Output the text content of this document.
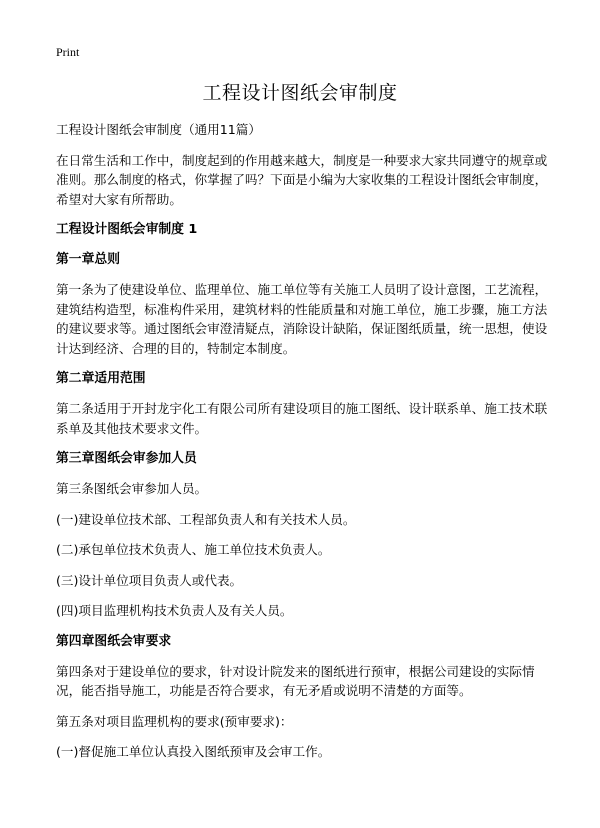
Print
工程设计图纸会审制度

工程设计图纸会审制度（通用11篇）

在日常生活和工作中，制度起到的作用越来越大，制度是一种要求大家共同遵守的规章或准则。那么制度的格式，你掌握了吗？下面是小编为大家收集的工程设计图纸会审制度，希望对大家有所帮助。

工程设计图纸会审制度 1
第一章总则

第一条为了使建设单位、监理单位、施工单位等有关施工人员明了设计意图，工艺流程，建筑结构造型，标准构件采用，建筑材料的性能质量和对施工单位，施工步骤，施工方法的建议要求等。通过图纸会审澄清疑点，消除设计缺陷，保证图纸质量，统一思想，使设计达到经济、合理的目的，特制定本制度。

第二章适用范围

第二条适用于开封龙宇化工有限公司所有建设项目的施工图纸、设计联系单、施工技术联系单及其他技术要求文件。

第三章图纸会审参加人员

第三条图纸会审参加人员。

(一)建设单位技术部、工程部负责人和有关技术人员。

(二)承包单位技术负责人、施工单位技术负责人。

(三)设计单位项目负责人或代表。

(四)项目监理机构技术负责人及有关人员。

第四章图纸会审要求

第四条对于建设单位的要求，针对设计院发来的图纸进行预审，根据公司建设的实际情况，能否指导施工，功能是否符合要求，有无矛盾或说明不清楚的方面等。

第五条对项目监理机构的要求(预审要求)：

(一)督促施工单位认真投入图纸预审及会审工作。
